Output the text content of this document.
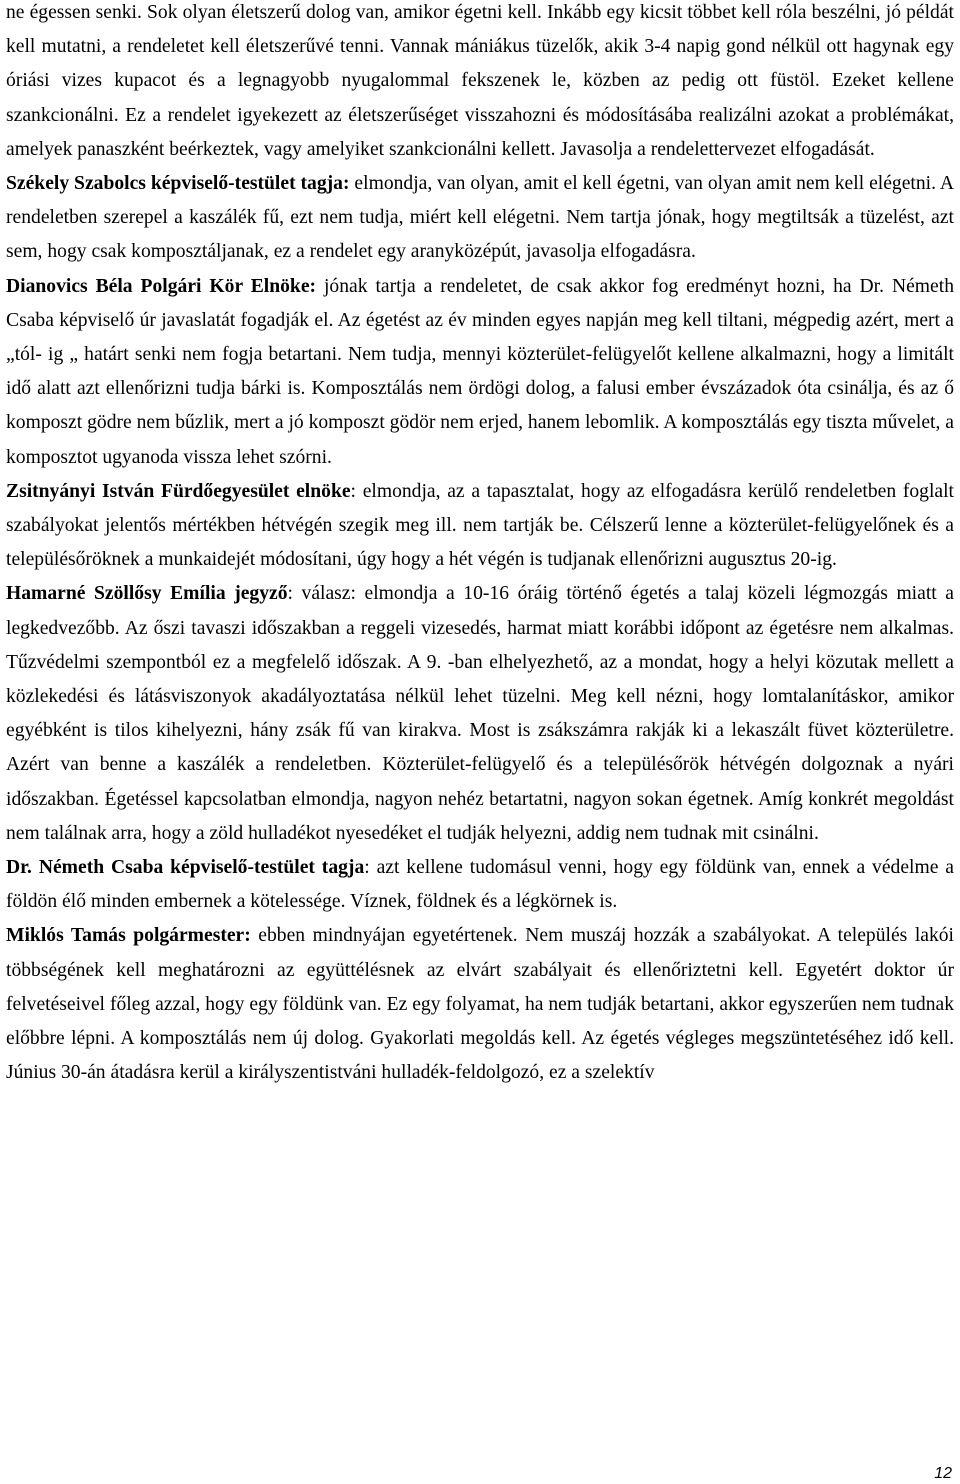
ne égessen senki. Sok olyan életszerű dolog van, amikor égetni kell. Inkább egy kicsit többet kell róla beszélni, jó példát kell mutatni, a rendeletet kell életszerűvé tenni. Vannak mániákus tüzelők, akik 3-4 napig gond nélkül ott hagynak egy óriási vizes kupacot és a legnagyobb nyugalommal fekszenek le, közben az pedig ott füstöl. Ezeket kellene szankcionálni. Ez a rendelet igyekezett az életszerűséget visszahozni és módosításába realizálni azokat a problémákat, amelyek panaszként beérkeztek, vagy amelyiket szankcionálni kellett. Javasolja a rendelettervezet elfogadását.

Székely Szabolcs képviselő-testület tagja: elmondja, van olyan, amit el kell égetni, van olyan amit nem kell elégetni. A rendeletben szerepel a kaszálék fű, ezt nem tudja, miért kell elégetni. Nem tartja jónak, hogy megtiltsák a tüzelést, azt sem, hogy csak komposztáljanak, ez a rendelet egy aranyközépút, javasolja elfogadásra.

Dianovics Béla Polgári Kör Elnöke: jónak tartja a rendeletet, de csak akkor fog eredményt hozni, ha Dr. Németh Csaba képviselő úr javaslatát fogadják el. Az égetést az év minden egyes napján meg kell tiltani, mégpedig azért, mert a „tól- ig „ határt senki nem fogja betartani. Nem tudja, mennyi közterület-felügyelőt kellene alkalmazni, hogy a limitált idő alatt azt ellenőrizni tudja bárki is. Komposztálás nem ördögi dolog, a falusi ember évszázadok óta csinálja, és az ő komposzt gödre nem bűzlik, mert a jó komposzt gödör nem erjed, hanem lebomlik. A komposztálás egy tiszta művelet, a komposztot ugyanoda vissza lehet szórni.

Zsitnyányi István Fürdőegyesület elnöke: elmondja, az a tapasztalat, hogy az elfogadásra kerülő rendeletben foglalt szabályokat jelentős mértékben hétvégén szegik meg ill. nem tartják be. Célszerű lenne a közterület-felügyelőnek és a településőröknek a munkaidejét módosítani, úgy hogy a hét végén is tudjanak ellenőrizni augusztus 20-ig.

Hamarné Szöllősy Emília jegyző: válasz: elmondja a 10-16 óráig történő égetés a talaj közeli légmozgás miatt a legkedvezőbb. Az őszi tavaszi időszakban a reggeli vizesedés, harmat miatt korábbi időpont az égetésre nem alkalmas. Tűzvédelmi szempontból ez a megfelelő időszak. A 9. -ban elhelyezhető, az a mondat, hogy a helyi közutak mellett a közlekedési és látásviszonyok akadályoztatása nélkül lehet tüzelni. Meg kell nézni, hogy lomtalanításkor, amikor egyébként is tilos kihelyezni, hány zsák fű van kirakva. Most is zsákszámra rakják ki a lekaszált füvet közterületre. Azért van benne a kaszálék a rendeletben. Közterület-felügyelő és a településőrök hétvégén dolgoznak a nyári időszakban. Égetéssel kapcsolatban elmondja, nagyon nehéz betartatni, nagyon sokan égetnek. Amíg konkrét megoldást nem találnak arra, hogy a zöld hulladékot nyesedéket el tudják helyezni, addig nem tudnak mit csinálni.

Dr. Németh Csaba képviselő-testület tagja: azt kellene tudomásul venni, hogy egy földünk van, ennek a védelme a földön élő minden embernek a kötelessége. Víznek, földnek és a légkörnek is.

Miklós Tamás polgármester: ebben mindnyájan egyetértenek. Nem muszáj hozzák a szabályokat. A település lakói többségének kell meghatározni az együttélésnek az elvárt szabályait és ellenőriztetni kell. Egyetért doktor úr felvetéseivel főleg azzal, hogy egy földünk van. Ez egy folyamat, ha nem tudják betartani, akkor egyszerűen nem tudnak előbbre lépni. A komposztálás nem új dolog. Gyakorlati megoldás kell. Az égetés végleges megszüntetéséhez idő kell. Június 30-án átadásra kerül a királyszentistváni hulladék-feldolgozó, ez a szelektív

12
